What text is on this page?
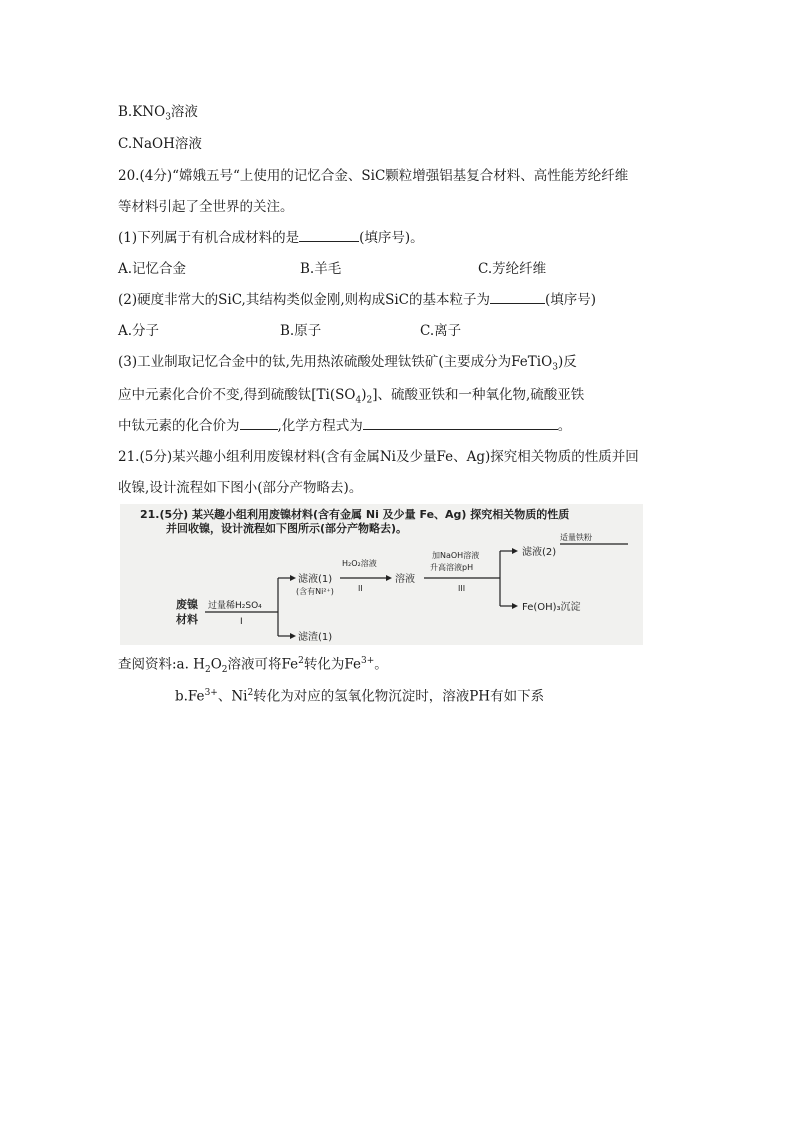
$B.KNO_3$溶液
C.NaOH溶液
20.(4分)“嫦娥五号“上使用的记忆合金、SiC颗粒增强铝基复合材料、高性能芳纶纤维
等材料引起了全世界的关注。
(1)下列属于有机合成材料的是	(填序号)。
A.记忆合金	B.羊毛	C.芳纶纤维
(2)硬度非常大的SiC,其结构类似金刚,则构成SiC的基本粒子为	(填序号)
A.分子	B.原子	C.离子
(3)工业制取记忆合金中的钛,先用热浓硫酸处理钛铁矿(主要成分为FeTiO$_3$)反
应中元素化合价不变,得到硫酸钛$[Ti(SO_4)_2]$、硫酸亚铁和一种氧化物,硫酸亚铁
中钛元素的化合价为	,化学方程式为	。
21.(5分)某兴趣小组利用废镍材料(含有金属Ni及少量Fe、Ag)探究相关物质的性质并回
收镍,设计流程如下图小(部分产物略去)。
21.(5分) 某兴趣小组利用废镍材料(含有金属 Ni 及少量 Fe、Ag) 探究相关物质的性质
并回收镍，设计流程如下图所示(部分产物略去)。
废镍
材料
过量稀H₂SO₄
I
滤液(1)
(含有Ni²⁺)
滤渣(1)
H₂O₂溶液
II
溶液
加NaOH溶液
升高溶液pH
III
滤液(2)
适量铁粉
Fe(OH)₃沉淀
查阅资料:a. $H_2O_2$溶液可将Fe$^2$转化为$Fe^{3+}$。
$b.Fe^{3+}$、Ni$^2$转化为对应的氢氧化物沉淀时，溶液PH有如下系
